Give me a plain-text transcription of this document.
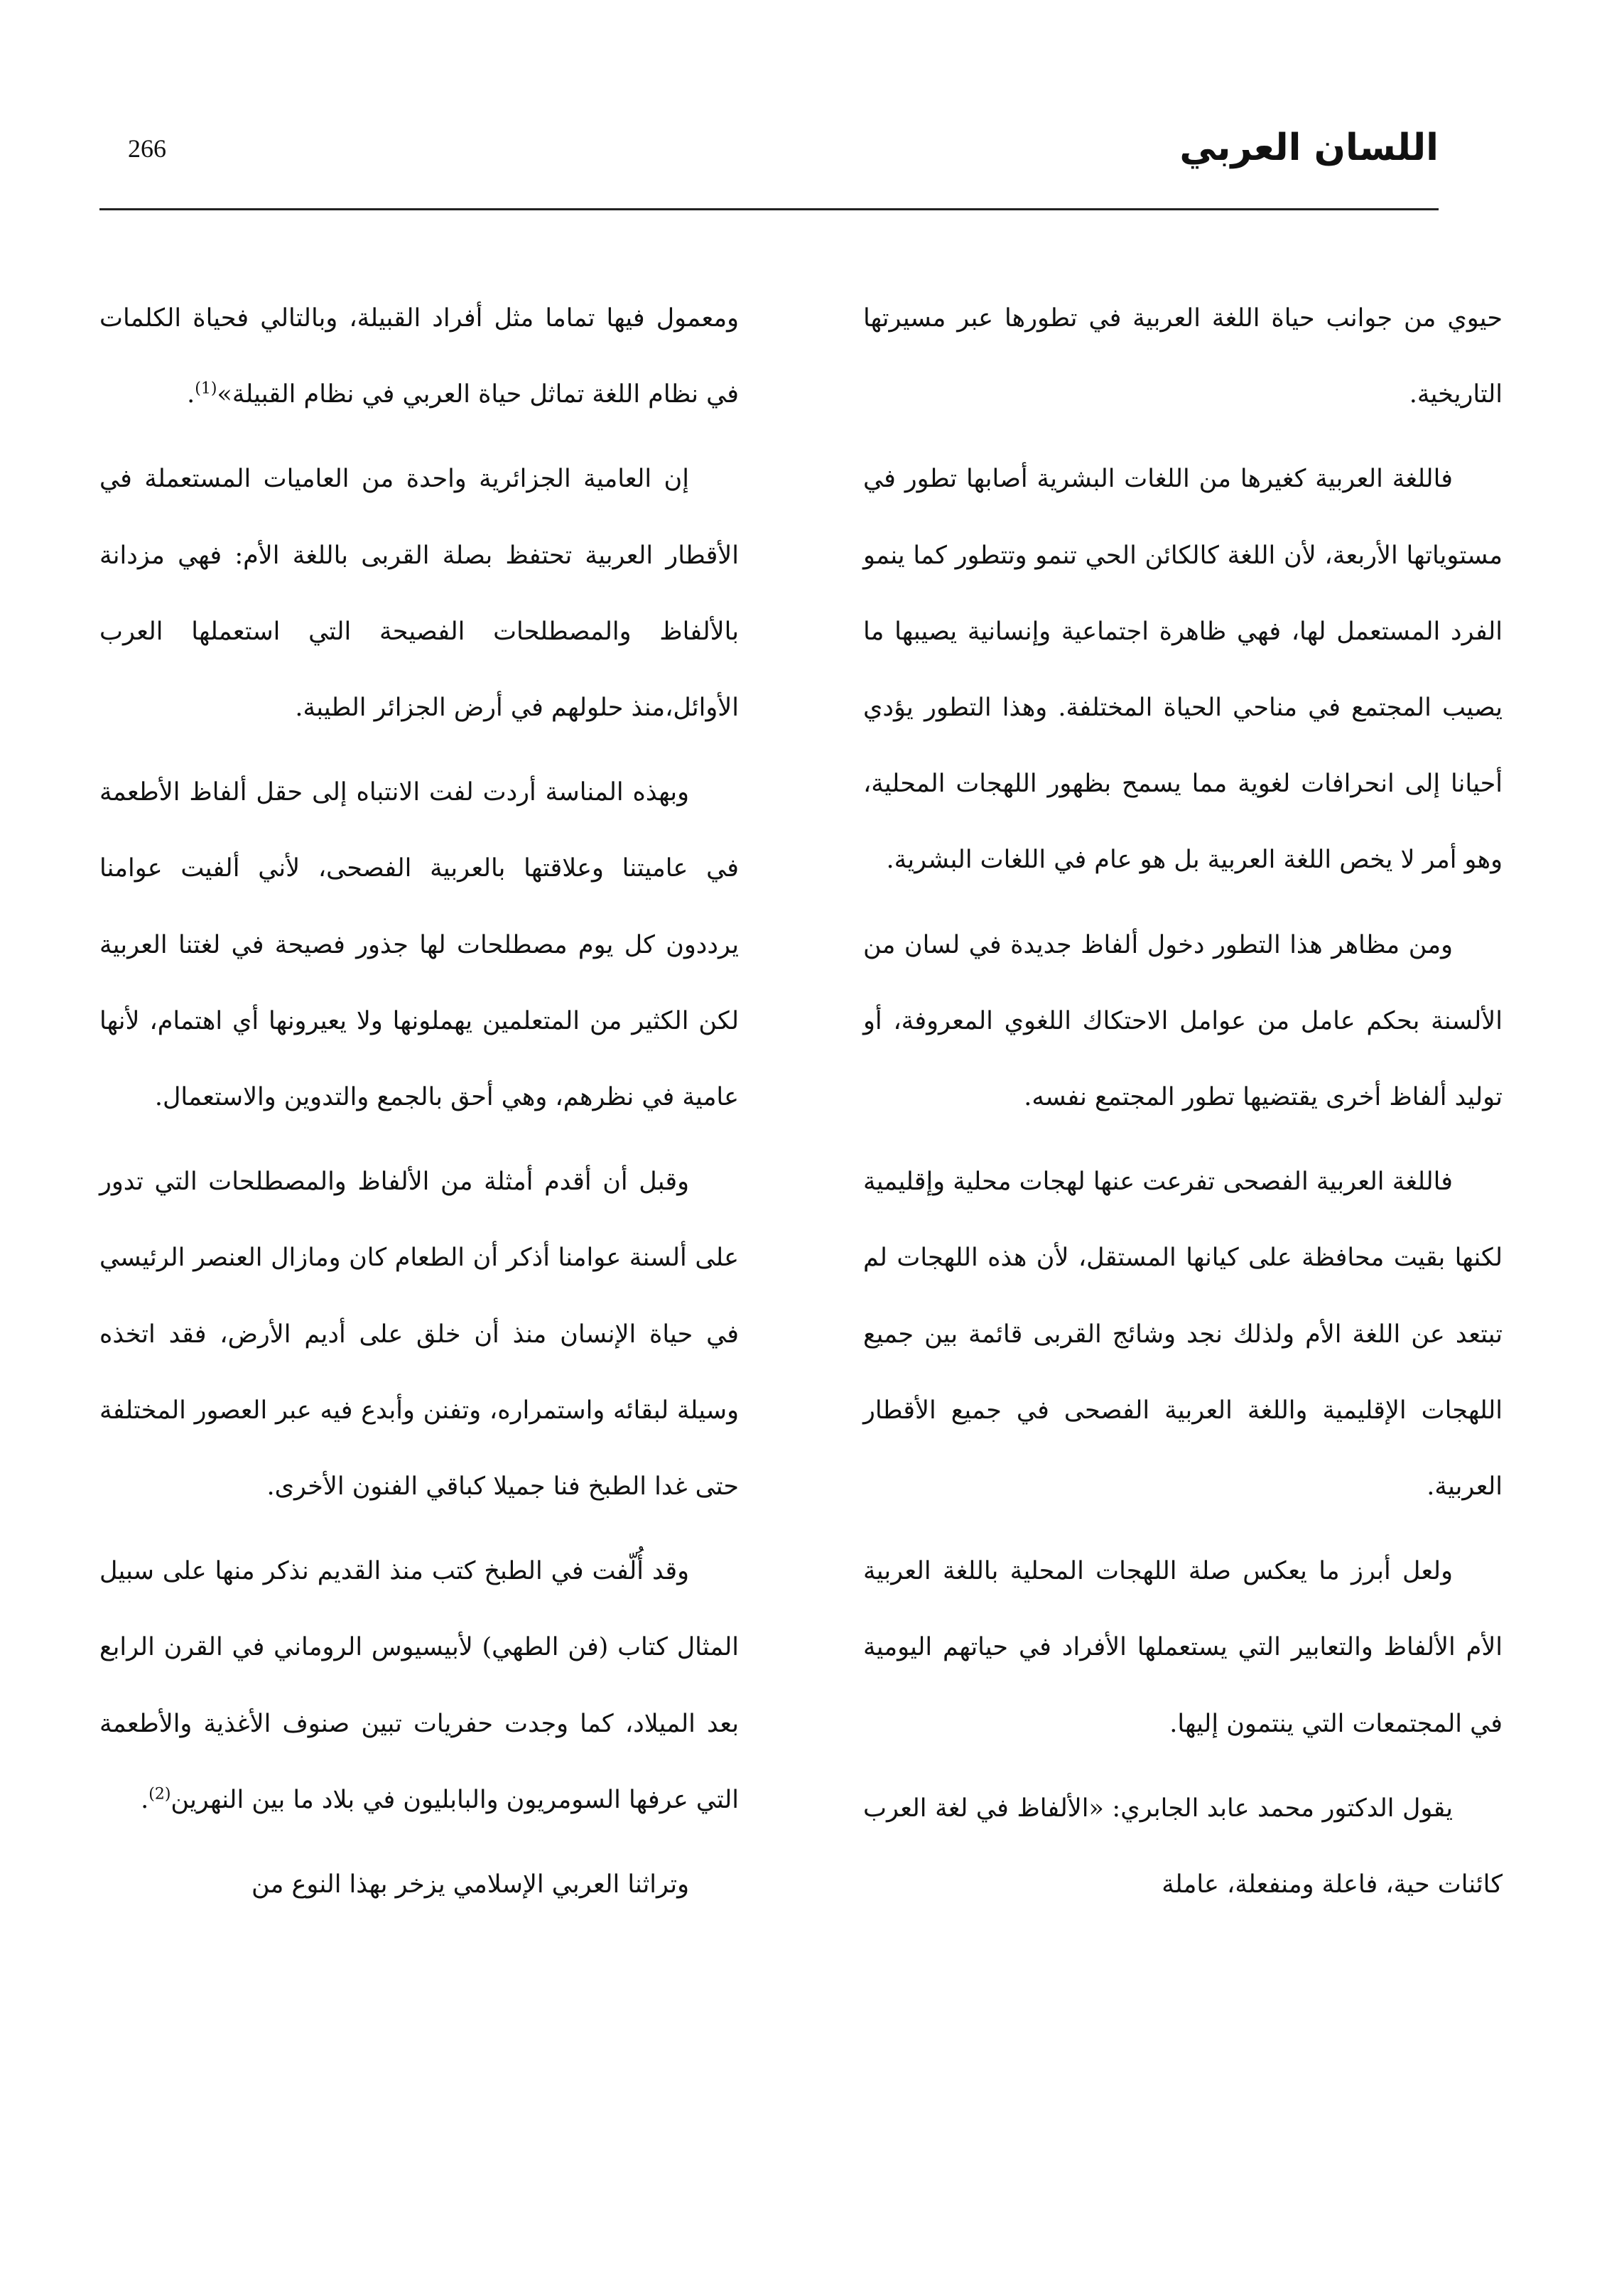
266	اللسان العربي

حيوي من جوانب حياة اللغة العربية في تطورها عبر مسيرتها التاريخية.

فاللغة العربية كغيرها من اللغات البشرية أصابها تطور في مستوياتها الأربعة، لأن اللغة كالكائن الحي تنمو وتتطور كما ينمو الفرد المستعمل لها، فهي ظاهرة اجتماعية وإنسانية يصيبها ما يصيب المجتمع في مناحي الحياة المختلفة. وهذا التطور يؤدي أحيانا إلى انحرافات لغوية مما يسمح بظهور اللهجات المحلية، وهو أمر لا يخص اللغة العربية بل هو عام في اللغات البشرية.

ومن مظاهر هذا التطور دخول ألفاظ جديدة في لسان من الألسنة بحكم عامل من عوامل الاحتكاك اللغوي المعروفة، أو توليد ألفاظ أخرى يقتضيها تطور المجتمع نفسه.

فاللغة العربية الفصحى تفرعت عنها لهجات محلية وإقليمية لكنها بقيت محافظة على كيانها المستقل، لأن هذه اللهجات لم تبتعد عن اللغة الأم ولذلك نجد وشائج القربى قائمة بين جميع اللهجات الإقليمية واللغة العربية الفصحى في جميع الأقطار العربية.

ولعل أبرز ما يعكس صلة اللهجات المحلية باللغة العربية الأم الألفاظ والتعابير التي يستعملها الأفراد في حياتهم اليومية في المجتمعات التي ينتمون إليها.

يقول الدكتور محمد عابد الجابري: «الألفاظ في لغة العرب كائنات حية، فاعلة ومنفعلة، عاملة

ومعمول فيها تماما مثل أفراد القبيلة، وبالتالي فحياة الكلمات في نظام اللغة تماثل حياة العربي في نظام القبيلة»$^{(1)}$.

إن العامية الجزائرية واحدة من العاميات المستعملة في الأقطار العربية تحتفظ بصلة القربى باللغة الأم: فهي مزدانة بالألفاظ والمصطلحات الفصيحة التي استعملها العرب الأوائل،منذ حلولهم في أرض الجزائر الطيبة.

وبهذه المناسة أردت لفت الانتباه إلى حقل ألفاظ الأطعمة في عاميتنا وعلاقتها بالعربية الفصحى، لأني ألفيت عوامنا يرددون كل يوم مصطلحات لها جذور فصيحة في لغتنا العربية لكن الكثير من المتعلمين يهملونها ولا يعيرونها أي اهتمام، لأنها عامية في نظرهم، وهي أحق بالجمع والتدوين والاستعمال.

وقبل أن أقدم أمثلة من الألفاظ والمصطلحات التي تدور على ألسنة عوامنا أذكر أن الطعام كان ومازال العنصر الرئيسي في حياة الإنسان منذ أن خلق على أديم الأرض، فقد اتخذه وسيلة لبقائه واستمراره، وتفنن وأبدع فيه عبر العصور المختلفة حتى غدا الطبخ فنا جميلا كباقي الفنون الأخرى.

وقد أُلّفت في الطبخ كتب منذ القديم نذكر منها على سبيل المثال كتاب (فن الطهي) لأبيسيوس الروماني في القرن الرابع بعد الميلاد، كما وجدت حفريات تبين صنوف الأغذية والأطعمة التي عرفها السومريون والبابليون في بلاد ما بين النهرين$^{(2)}$.

وتراثنا العربي الإسلامي يزخر بهذا النوع من
